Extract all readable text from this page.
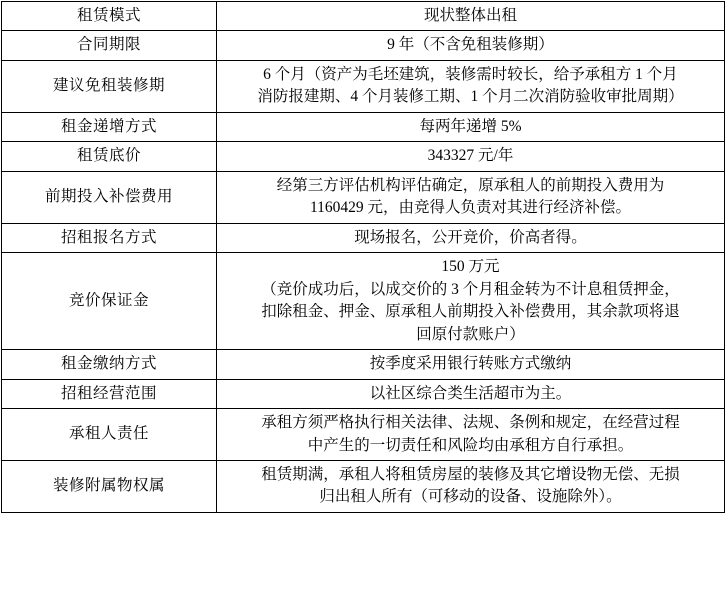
租赁模式	现状整体出租

合同期限	9 年（不含免租装修期）

建议免租装修期	6 个月（资产为毛坯建筑，装修需时较长，给予承租方 1 个月
消防报建期、4 个月装修工期、1 个月二次消防验收审批周期）

租金递增方式	每两年递增 5%

租赁底价	343327 元/年

前期投入补偿费用	经第三方评估机构评估确定，原承租人的前期投入费用为
1160429 元，由竞得人负责对其进行经济补偿。

招租报名方式	现场报名，公开竞价，价高者得。

竞价保证金	150 万元
（竞价成功后，以成交价的 3 个月租金转为不计息租赁押金，
扣除租金、押金、原承租人前期投入补偿费用，其余款项将退
回原付款账户）

租金缴纳方式	按季度采用银行转账方式缴纳

招租经营范围	以社区综合类生活超市为主。

承租人责任	承租方须严格执行相关法律、法规、条例和规定，在经营过程
中产生的一切责任和风险均由承租方自行承担。

装修附属物权属	租赁期满，承租人将租赁房屋的装修及其它增设物无偿、无损
归出租人所有（可移动的设备、设施除外）。
